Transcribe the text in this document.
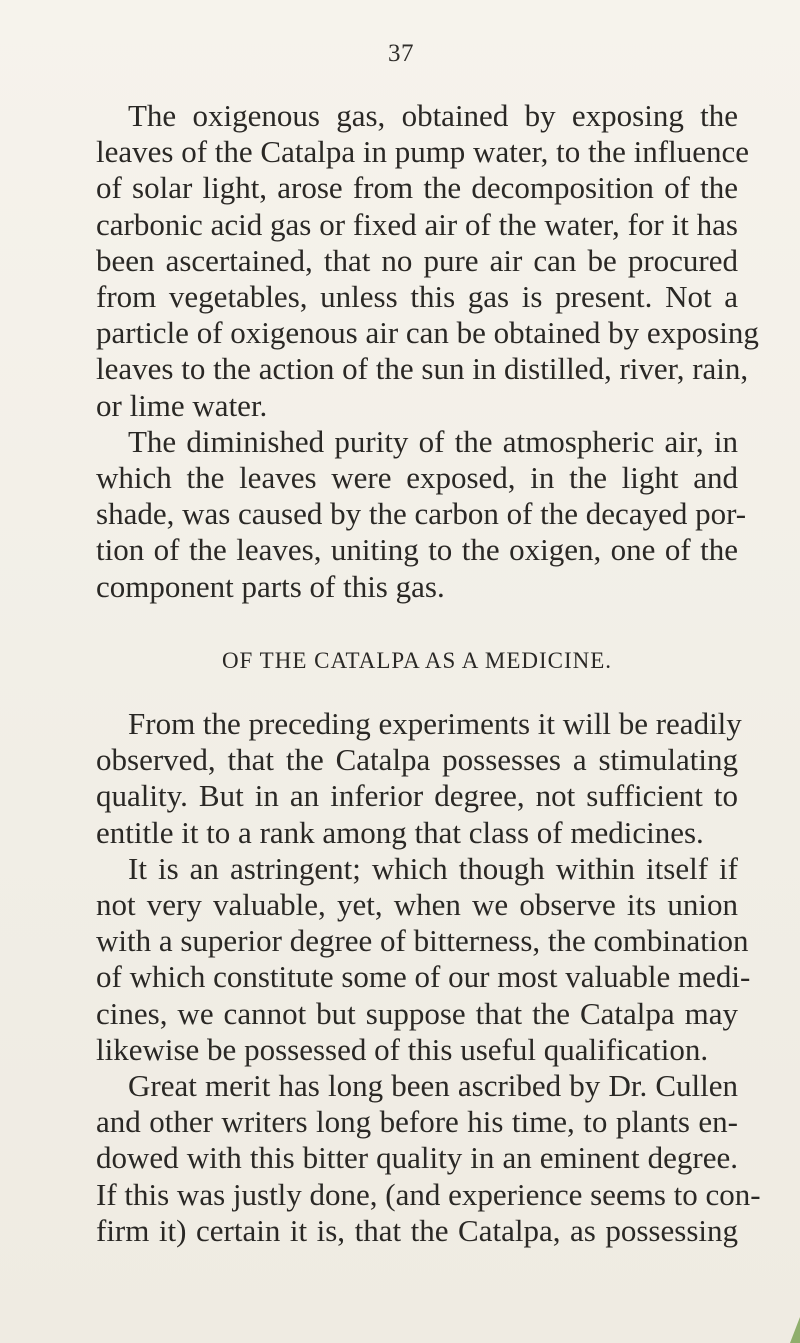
37
The oxigenous gas, obtained by exposing the
leaves of the Catalpa in pump water, to the influence
of solar light, arose from the decomposition of the
carbonic acid gas or fixed air of the water, for it has
been ascertained, that no pure air can be procured
from vegetables, unless this gas is present. Not a
particle of oxigenous air can be obtained by exposing
leaves to the action of the sun in distilled, river, rain,
or lime water.
The diminished purity of the atmospheric air, in
which the leaves were exposed, in the light and
shade, was caused by the carbon of the decayed por-
tion of the leaves, uniting to the oxigen, one of the
component parts of this gas.
OF THE CATALPA AS A MEDICINE.
From the preceding experiments it will be readily
observed, that the Catalpa possesses a stimulating
quality. But in an inferior degree, not sufficient to
entitle it to a rank among that class of medicines.
It is an astringent; which though within itself if
not very valuable, yet, when we observe its union
with a superior degree of bitterness, the combination
of which constitute some of our most valuable medi-
cines, we cannot but suppose that the Catalpa may
likewise be possessed of this useful qualification.
Great merit has long been ascribed by Dr. Cullen
and other writers long before his time, to plants en-
dowed with this bitter quality in an eminent degree.
If this was justly done, (and experience seems to con-
firm it) certain it is, that the Catalpa, as possessing
